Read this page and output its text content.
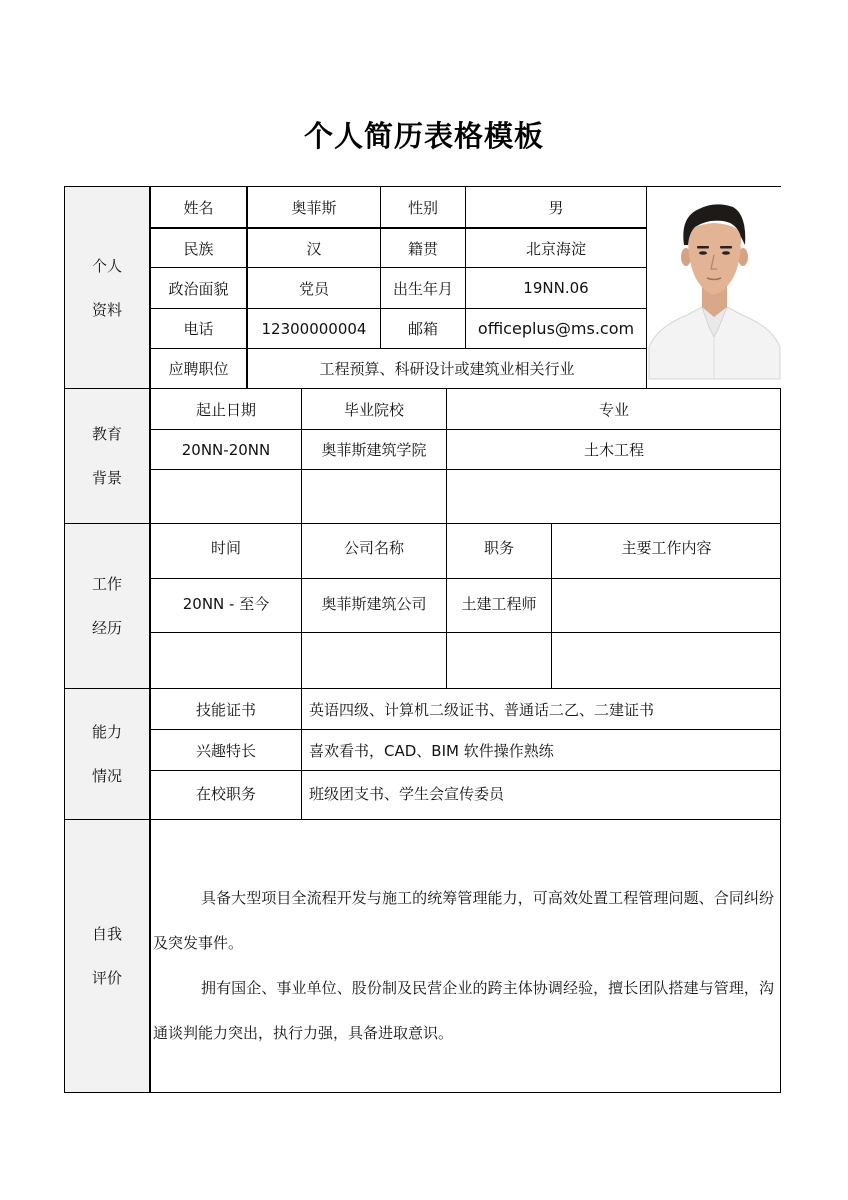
个人简历表格模板
个人
资料
姓名	奥菲斯	性别	男
民族	汉	籍贯	北京海淀
政治面貌	党员	出生年月	19NN.06
电话	12300000004	邮箱	officeplus@ms.com
应聘职位	工程预算、科研设计或建筑业相关行业
教育
背景
起止日期	毕业院校	专业
20NN-20NN	奥菲斯建筑学院	土木工程
工作
经历
时间	公司名称	职务	主要工作内容
20NN - 至今	奥菲斯建筑公司	土建工程师
能力
情况
技能证书	英语四级、计算机二级证书、普通话二乙、二建证书
兴趣特长	喜欢看书，CAD、BIM 软件操作熟练
在校职务	班级团支书、学生会宣传委员
自我
评价

具备大型项目全流程开发与施工的统筹管理能力，可高效处置工程管理问题、合同纠纷及突发事件。

拥有国企、事业单位、股份制及民营企业的跨主体协调经验，擅长团队搭建与管理，沟通谈判能力突出，执行力强，具备进取意识。
